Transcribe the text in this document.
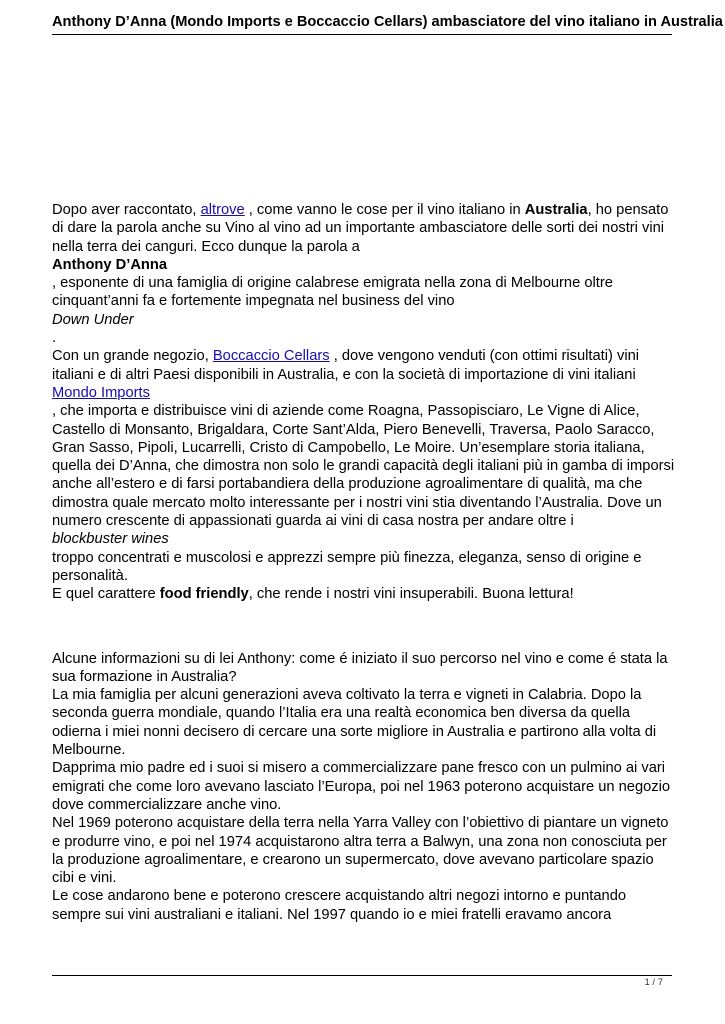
Anthony D’Anna (Mondo Imports e Boccaccio Cellars) ambasciatore del vino italiano in Australia

Dopo aver raccontato, altrove , come vanno le cose per il vino italiano in Australia, ho pensato di dare la parola anche su Vino al vino ad un importante ambasciatore delle sorti dei nostri vini nella terra dei canguri. Ecco dunque la parola a

Anthony D’Anna

, esponente di una famiglia di origine calabrese emigrata nella zona di Melbourne oltre cinquant’anni fa e fortemente impegnata nel business del vino

Down Under

.

Con un grande negozio, Boccaccio Cellars , dove vengono venduti (con ottimi risultati) vini italiani e di altri Paesi disponibili in Australia, e con la società di importazione di vini italiani

Mondo Imports

, che importa e distribuisce vini di aziende come Roagna, Passopisciaro, Le Vigne di Alice, Castello di Monsanto, Brigaldara, Corte Sant’Alda, Piero Benevelli, Traversa, Paolo Saracco, Gran Sasso, Pipoli, Lucarrelli, Cristo di Campobello, Le Moire. Un’esemplare storia italiana, quella dei D’Anna, che dimostra non solo le grandi capacità degli italiani più in gamba di imporsi anche all’estero e di farsi portabandiera della produzione agroalimentare di qualità, ma che dimostra quale mercato molto interessante per i nostri vini stia diventando l’Australia. Dove un numero crescente di appassionati guarda ai vini di casa nostra per andare oltre i

blockbuster wines

troppo concentrati e muscolosi e apprezzi sempre più finezza, eleganza, senso di origine e personalità.

E quel carattere food friendly, che rende i nostri vini insuperabili. Buona lettura!

Alcune informazioni su di lei Anthony: come é iniziato il suo percorso nel vino e come é stata la sua formazione in Australia?

La mia famiglia per alcuni generazioni aveva coltivato la terra e vigneti in Calabria. Dopo la seconda guerra mondiale, quando l’Italia era una realtà economica ben diversa da quella odierna i miei nonni decisero di cercare una sorte migliore in Australia e partirono alla volta di Melbourne.

Dapprima mio padre ed i suoi si misero a commercializzare pane fresco con un pulmino ai vari emigrati che come loro avevano lasciato l’Europa, poi nel 1963 poterono acquistare un negozio dove commercializzare anche vino.

Nel 1969 poterono acquistare della terra nella Yarra Valley con l’obiettivo di piantare un vigneto e produrre vino, e poi nel 1974 acquistarono altra terra a Balwyn, una zona non conosciuta per la produzione agroalimentare, e crearono un supermercato, dove avevano particolare spazio cibi e vini.

Le cose andarono bene e poterono crescere acquistando altri negozi intorno e puntando sempre sui vini australiani e italiani. Nel 1997 quando io e miei fratelli eravamo ancora

1 / 7
